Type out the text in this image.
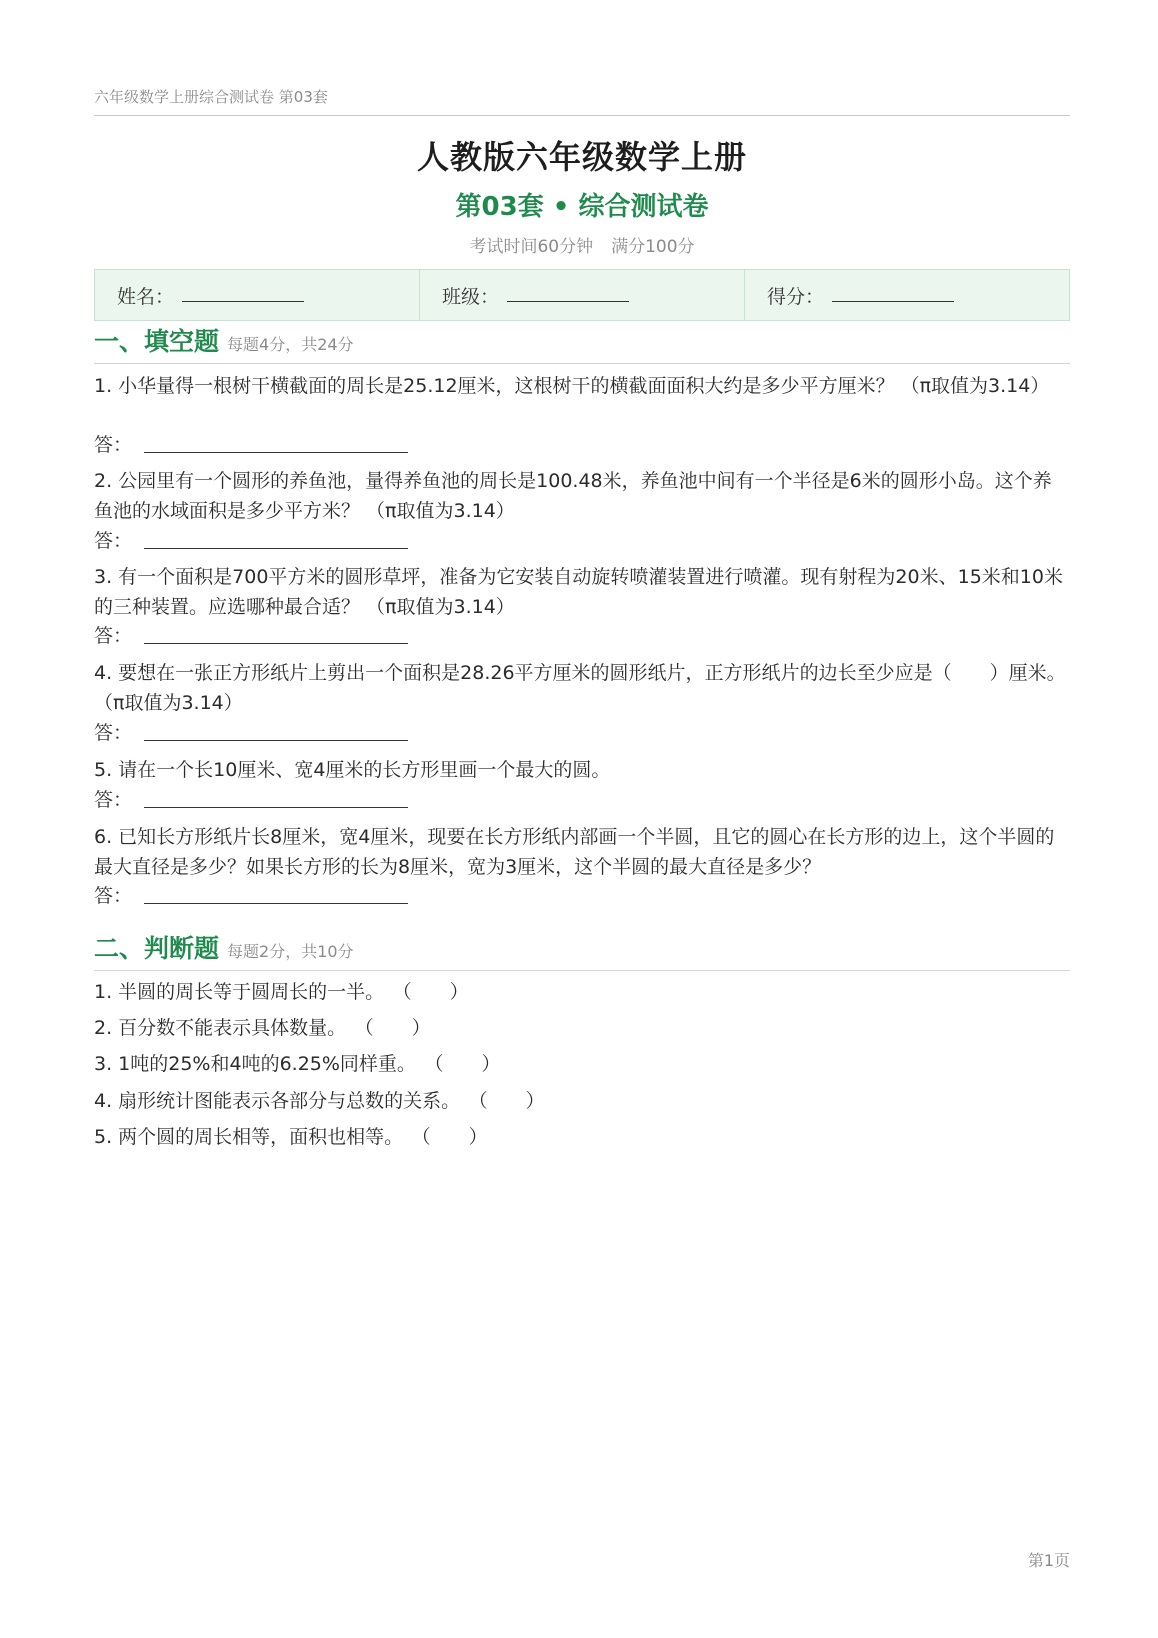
六年级数学上册综合测试卷 第03套
人教版六年级数学上册
第03套 • 综合测试卷
考试时间60分钟 满分100分
姓名：	班级：	得分：
一、填空题 每题4分，共24分
1. 小华量得一根树干横截面的周长是25.12厘米，这根树干的横截面面积大约是多少平方厘米？ （π取值为3.14）
答：
2. 公园里有一个圆形的养鱼池，量得养鱼池的周长是100.48米，养鱼池中间有一个半径是6米的圆形小岛。这个养鱼池的水域面积是多少平方米？ （π取值为3.14）
答：
3. 有一个面积是700平方米的圆形草坪，准备为它安装自动旋转喷灌装置进行喷灌。现有射程为20米、15米和10米的三种装置。应选哪种最合适？ （π取值为3.14）
答：
4. 要想在一张正方形纸片上剪出一个面积是28.26平方厘米的圆形纸片，正方形纸片的边长至少应是（　　）厘米。 （π取值为3.14）
答：
5. 请在一个长10厘米、宽4厘米的长方形里画一个最大的圆。
答：
6. 已知长方形纸片长8厘米，宽4厘米，现要在长方形纸内部画一个半圆，且它的圆心在长方形的边上，这个半圆的最大直径是多少？如果长方形的长为8厘米，宽为3厘米，这个半圆的最大直径是多少？
答：
二、判断题 每题2分，共10分
1. 半圆的周长等于圆周长的一半。 （　　）
2. 百分数不能表示具体数量。 （　　）
3. 1吨的25%和4吨的6.25%同样重。 （　　）
4. 扇形统计图能表示各部分与总数的关系。 （　　）
5. 两个圆的周长相等，面积也相等。 （　　）
第1页
